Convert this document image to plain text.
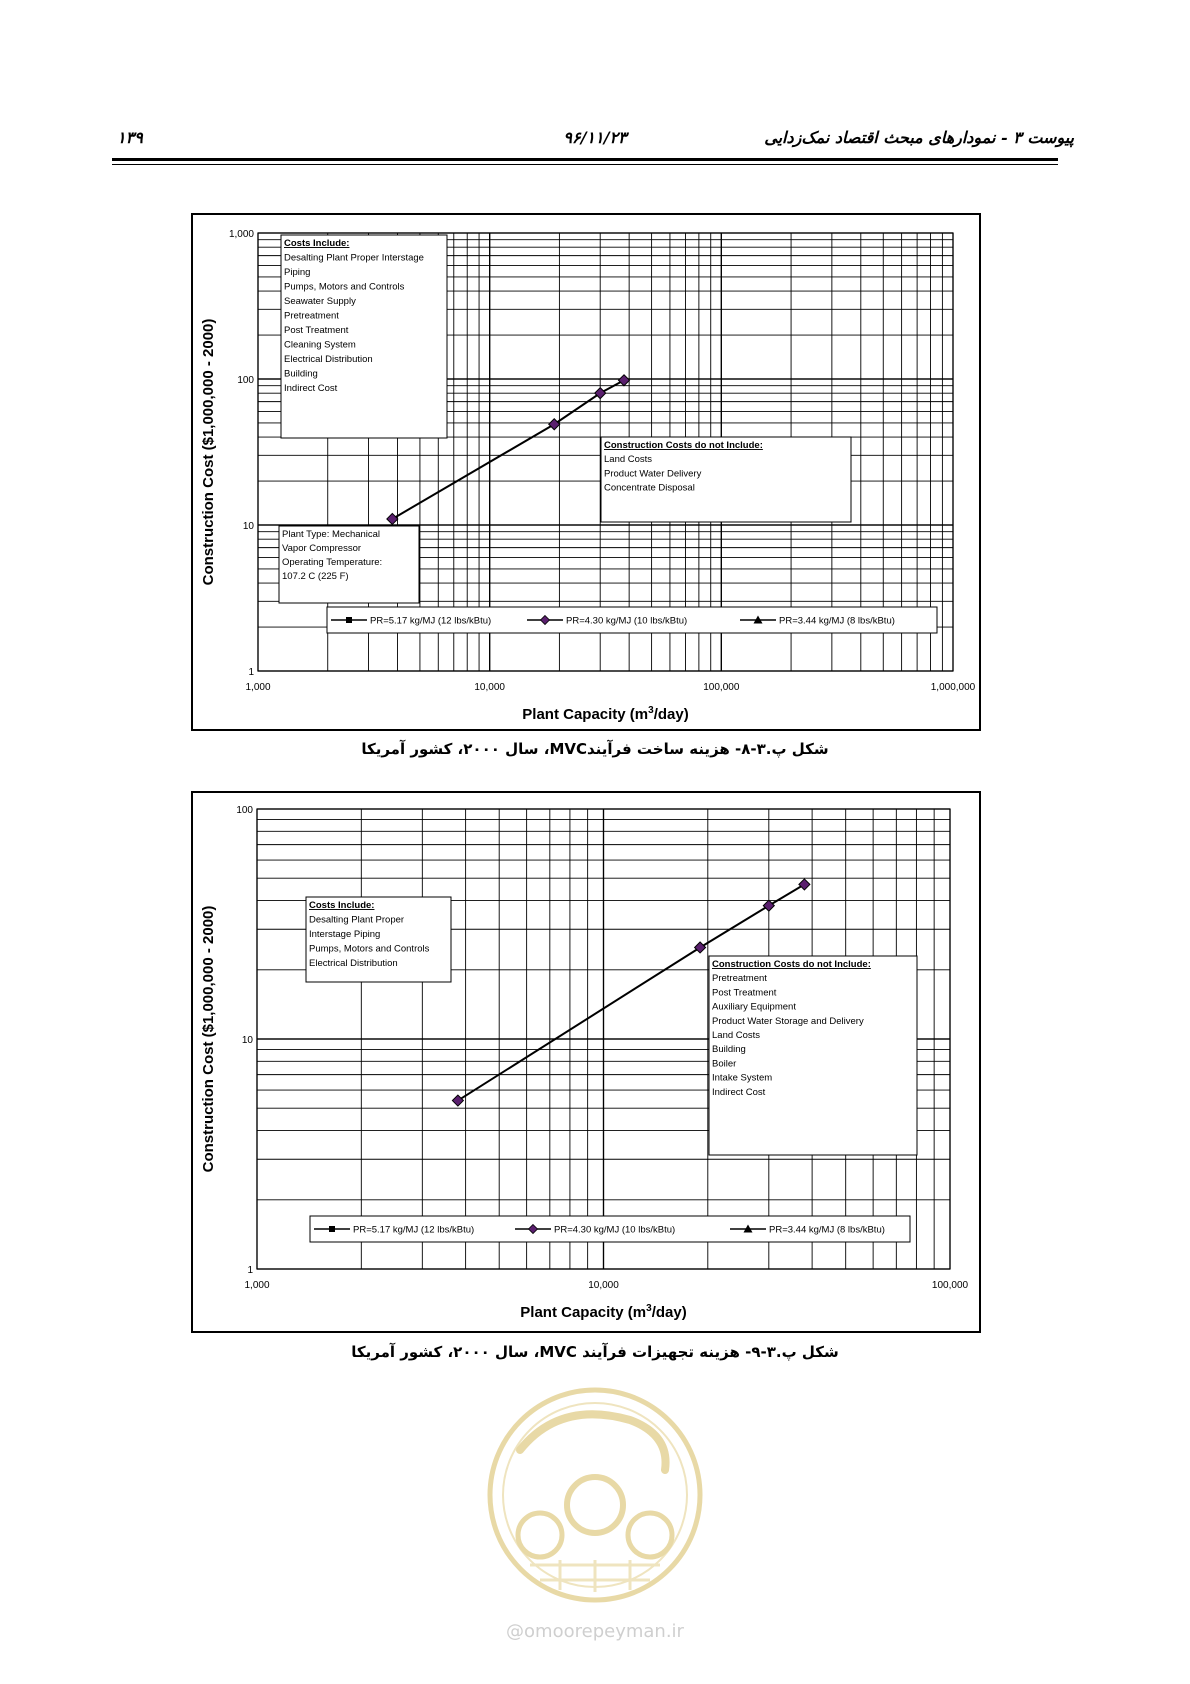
پیوست ۳ - نمودارهای مبحث اقتصاد نمک‌زدایی
۹۶/۱۱/۲۳
۱۳۹
1,000	10,000	100,000	1,000,000
1
10
100
1,000
Plant Capacity $(m^3/day)$
Construction Cost ($1,000,000 - 2000)
Costs Include:
Desalting Plant Proper Interstage
Piping
Pumps, Motors and Controls
Seawater Supply
Pretreatment
Post Treatment
Cleaning System
Electrical Distribution
Building
Indirect Cost
Construction Costs do not Include:
Land Costs
Product Water Delivery
Concentrate Disposal
Plant Type: Mechanical
Vapor Compressor
Operating Temperature:
107.2 C (225 F)
PR=5.17 kg/MJ (12 lbs/kBtu)	PR=4.30 kg/MJ (10 lbs/kBtu)	PR=3.44 kg/MJ (8 lbs/kBtu)
شکل پ.۳-۸- هزینه ساخت فرآیندMVC، سال ۲۰۰۰، کشور آمریکا
1,000	10,000	100,000
1
10
100
Plant Capacity $(m^3/day)$
Construction Cost ($1,000,000 - 2000)
Costs Include:
Desalting Plant Proper
Interstage Piping
Pumps, Motors and Controls
Electrical Distribution	Construction Costs do not Include:
Pretreatment
Post Treatment
Auxiliary Equipment
Product Water Storage and Delivery
Land Costs
Building
Boiler
Intake System
Indirect Cost
PR=5.17 kg/MJ (12 lbs/kBtu)	PR=4.30 kg/MJ (10 lbs/kBtu)	PR=3.44 kg/MJ (8 lbs/kBtu)
شکل پ.۳-۹- هزینه تجهیزات فرآیند MVC، سال ۲۰۰۰، کشور آمریکا
@omoorepeyman.ir
